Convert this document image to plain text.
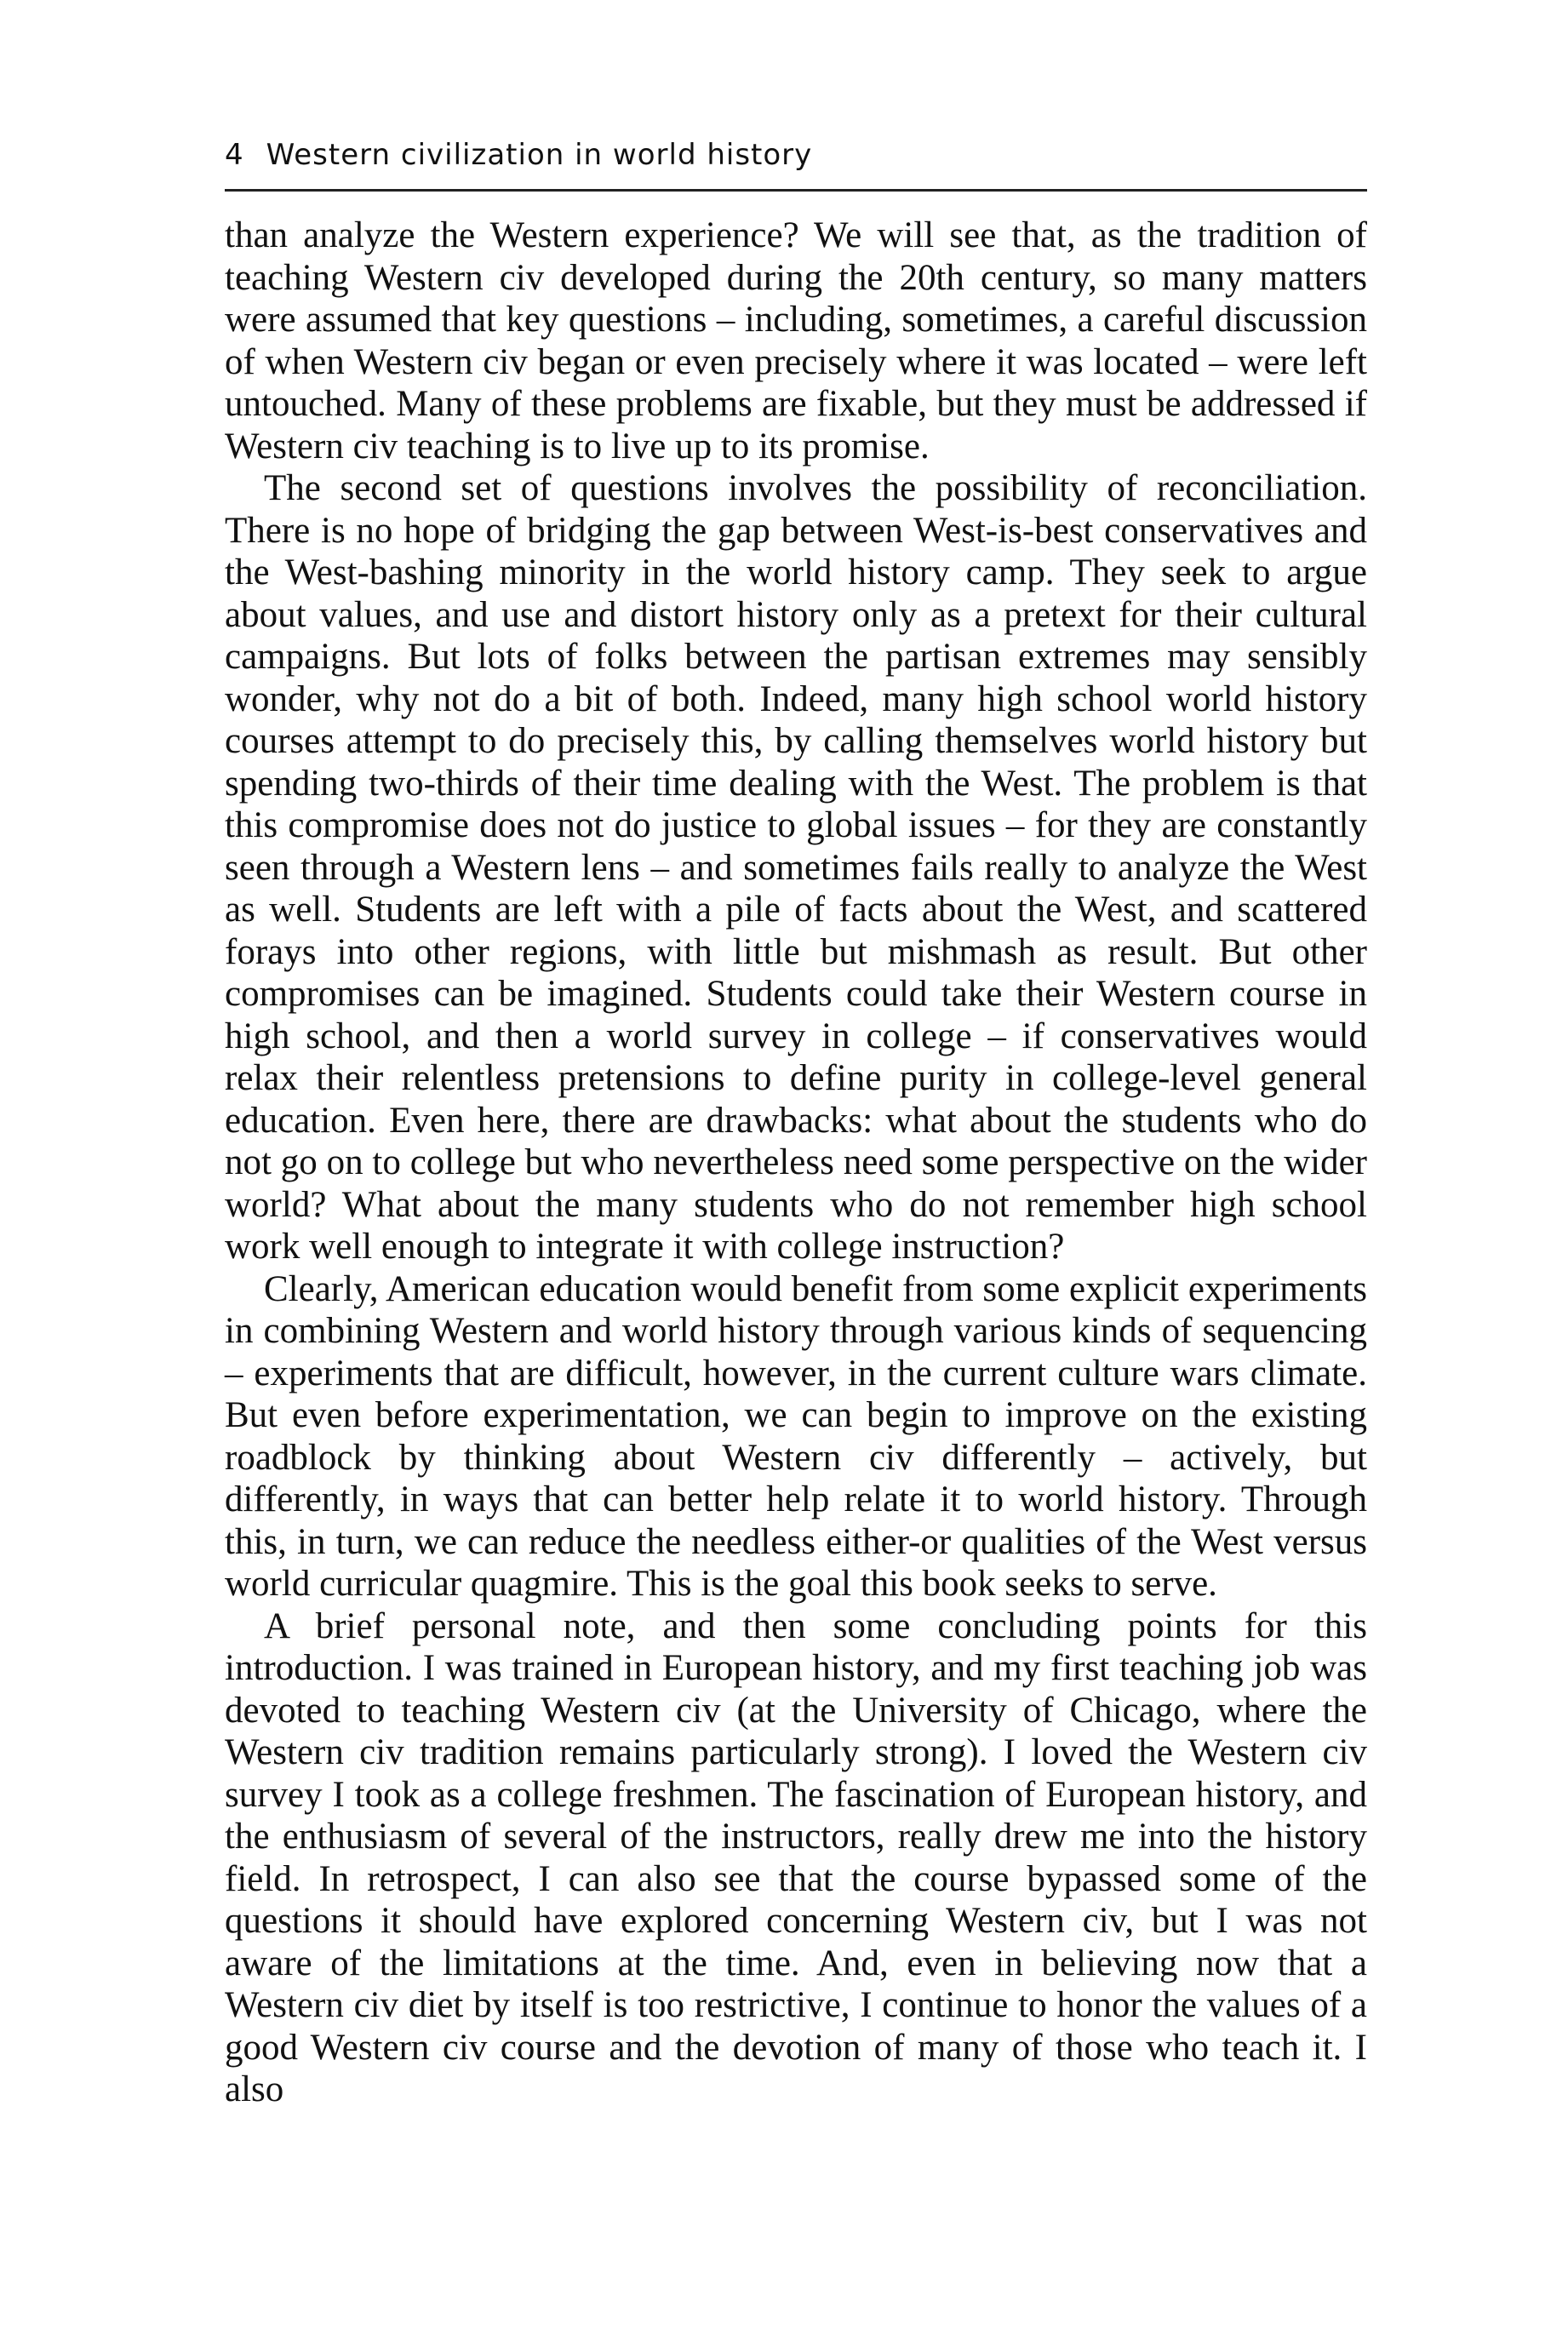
4 Western civilization in world history

than analyze the Western experience? We will see that, as the tradition of teaching Western civ developed during the 20th century, so many matters were assumed that key questions – including, sometimes, a careful discussion of when Western civ began or even precisely where it was located – were left untouched. Many of these problems are fixable, but they must be addressed if Western civ teaching is to live up to its promise.

The second set of questions involves the possibility of reconciliation. There is no hope of bridging the gap between West-is-best conservatives and the West-bashing minority in the world history camp. They seek to argue about values, and use and distort history only as a pretext for their cultural campaigns. But lots of folks between the partisan extremes may sensibly wonder, why not do a bit of both. Indeed, many high school world history courses attempt to do precisely this, by calling themselves world history but spending two-thirds of their time dealing with the West. The problem is that this compromise does not do justice to global issues – for they are constantly seen through a Western lens – and sometimes fails really to analyze the West as well. Students are left with a pile of facts about the West, and scattered forays into other regions, with little but mishmash as result. But other compromises can be imagined. Students could take their Western course in high school, and then a world survey in college – if conservatives would relax their relentless pretensions to define purity in college-level general education. Even here, there are drawbacks: what about the students who do not go on to college but who nevertheless need some perspective on the wider world? What about the many students who do not remember high school work well enough to integrate it with college instruction?

Clearly, American education would benefit from some explicit experiments in combining Western and world history through various kinds of sequencing – experiments that are difficult, however, in the current culture wars climate. But even before experimentation, we can begin to improve on the existing roadblock by thinking about Western civ differently – actively, but differently, in ways that can better help relate it to world history. Through this, in turn, we can reduce the needless either-or qualities of the West versus world curricular quagmire. This is the goal this book seeks to serve.

A brief personal note, and then some concluding points for this introduction. I was trained in European history, and my first teaching job was devoted to teaching Western civ (at the University of Chicago, where the Western civ tradition remains particularly strong). I loved the Western civ survey I took as a college freshmen. The fascination of European history, and the enthusiasm of several of the instructors, really drew me into the history field. In retrospect, I can also see that the course bypassed some of the questions it should have explored concerning Western civ, but I was not aware of the limitations at the time. And, even in believing now that a Western civ diet by itself is too restrictive, I continue to honor the values of a good Western civ course and the devotion of many of those who teach it. I also
